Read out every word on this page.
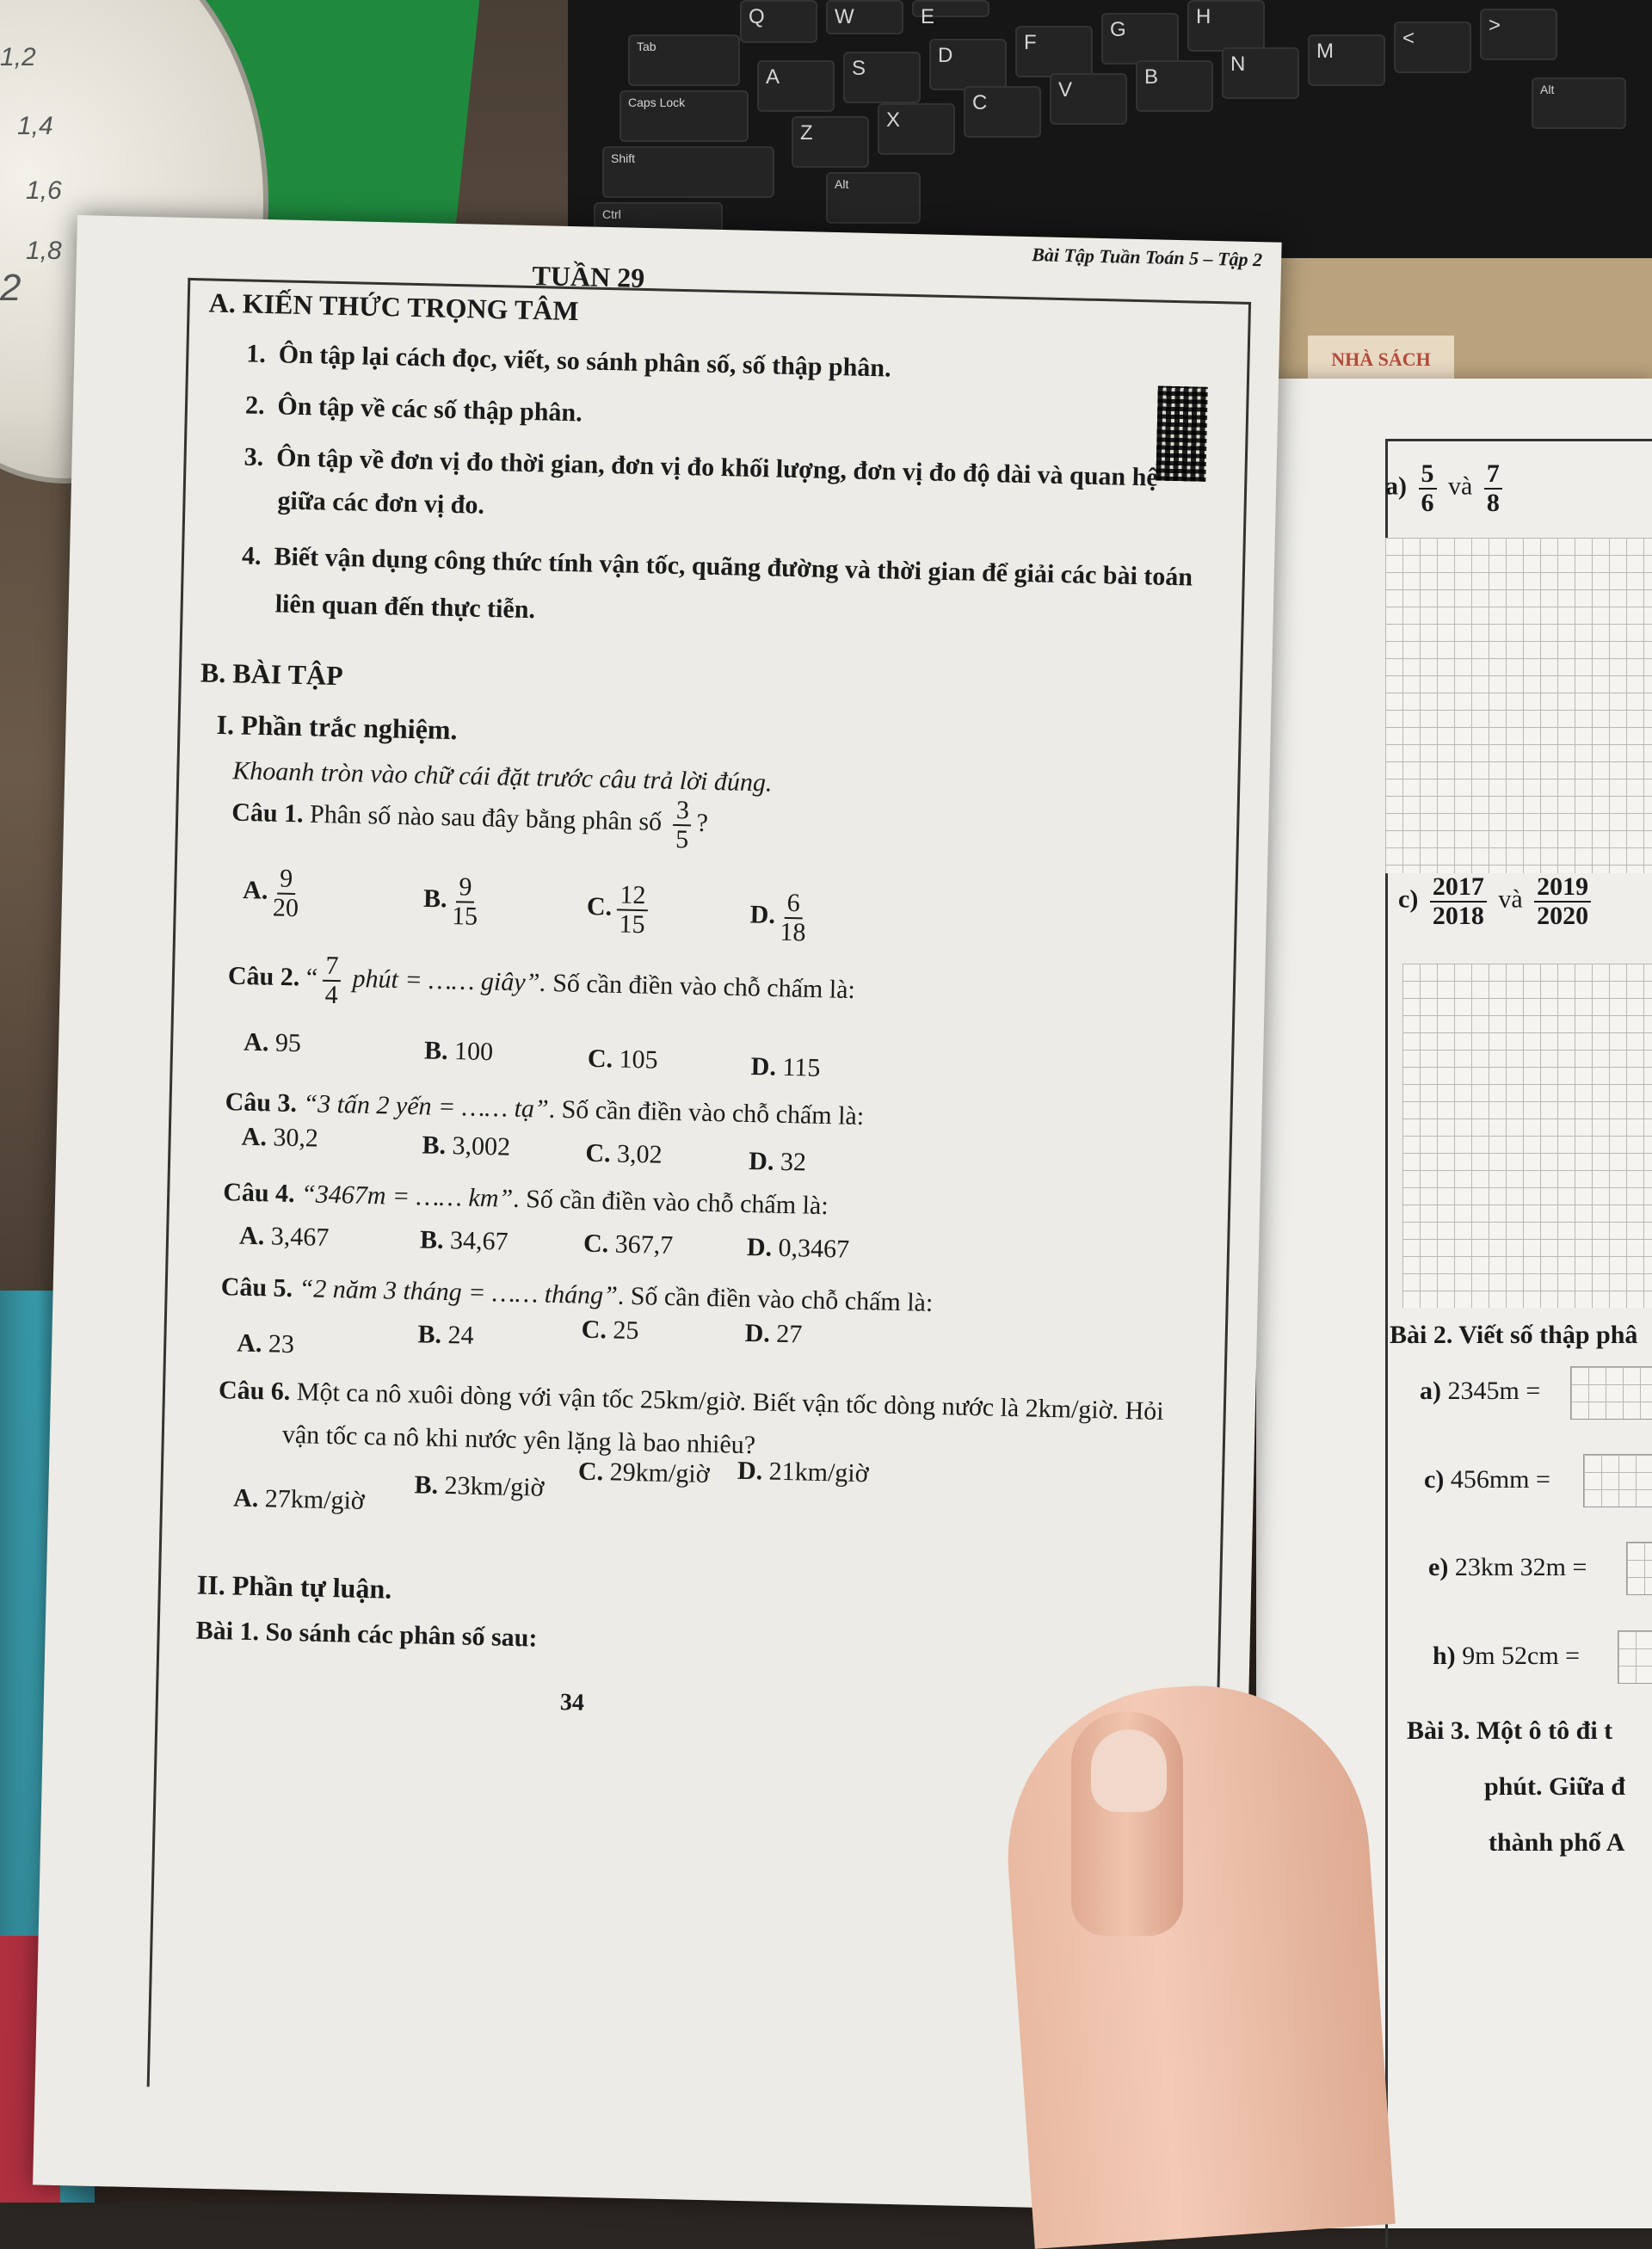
1,2
1,4
1,6
1,8
2
Q	W	E
Tab
A	S
D
F
G
H
Caps Lock
Z
X
C
V
B
N
M
<
>
Shift
Alt
Ctrl
Alt
NHÀ SÁCH
$a) \frac{5}{6}$ và $\frac{7}{8}$
$c) \frac{2017}{2018}$ và $\frac{2019}{2020}$
Bài 2. Viết số thập phâ
a) 2345m =
c) 456mm =
e) 23km 32m =
h) 9m 52cm =
Bài 3. Một ô tô đi t
phút. Giữa đ
thành phố A
Bài Tập Tuần Toán 5 – Tập 2
TUẦN 29
A. KIẾN THỨC TRỌNG TÂM
1. Ôn tập lại cách đọc, viết, so sánh phân số, số thập phân.
2. Ôn tập về các số thập phân.
3. Ôn tập về đơn vị đo thời gian, đơn vị đo khối lượng, đơn vị đo độ dài và quan hệ
giữa các đơn vị đo.
4. Biết vận dụng công thức tính vận tốc, quãng đường và thời gian để giải các bài toán
liên quan đến thực tiễn.
B. BÀI TẬP
I. Phần trắc nghiệm.
Khoanh tròn vào chữ cái đặt trước câu trả lời đúng.
Câu 1. Phân số nào sau đây bằng phân số $\frac{3}{5}$ ?
A. $\frac{9}{20}$	B. $\frac{9}{15}$	C. $\frac{12}{15}$	D. $\frac{6}{18}$
Câu 2. “ $\frac{7}{4}$ phút = …… giây”. Số cần điền vào chỗ chấm là:
A. 95	B. 100	C. 105	D. 115
Câu 3. “3 tấn 2 yến = …… tạ”. Số cần điền vào chỗ chấm là:
A. 30,2	B. 3,002	C. 3,02	D. 32
Câu 4. “3467m = …… km”. Số cần điền vào chỗ chấm là:
A. 3,467	B. 34,67	C. 367,7	D. 0,3467
Câu 5. “2 năm 3 tháng = …… tháng”. Số cần điền vào chỗ chấm là:
A. 23	B. 24	C. 25	D. 27
Câu 6. Một ca nô xuôi dòng với vận tốc 25km/giờ. Biết vận tốc dòng nước là 2km/giờ. Hỏi
vận tốc ca nô khi nước yên lặng là bao nhiêu?
A. 27km/giờ B. 23km/giờ C. 29km/giờ D. 21km/giờ
II. Phần tự luận.
Bài 1. So sánh các phân số sau:
34
